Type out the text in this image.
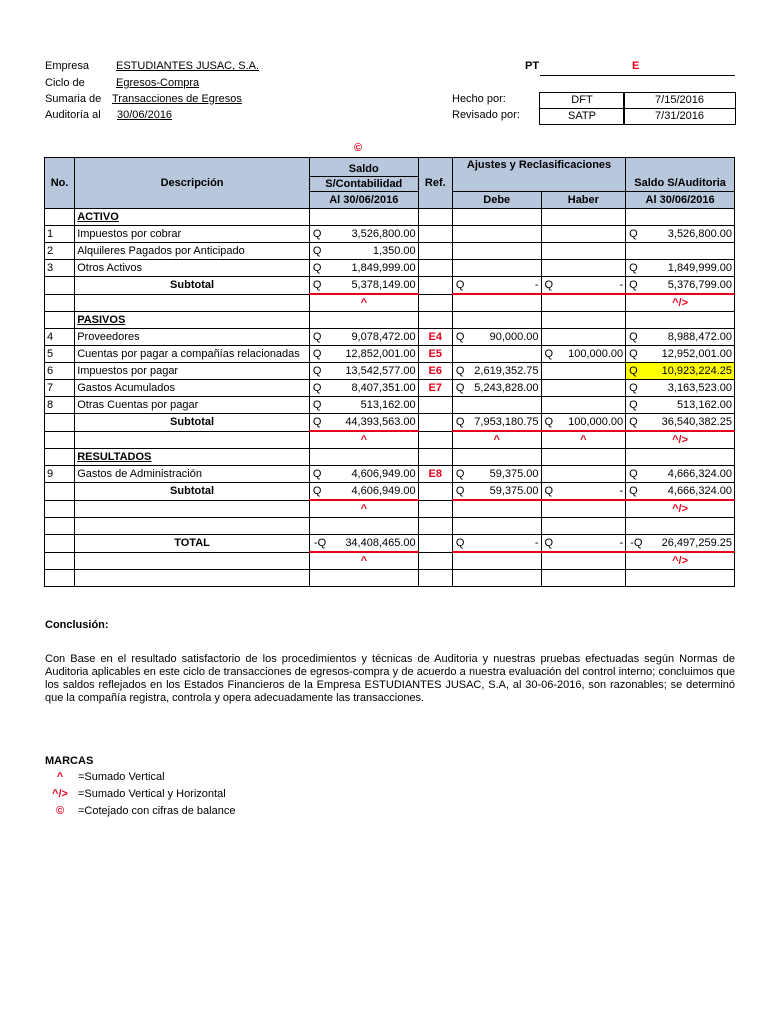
Empresa ESTUDIANTES JUSAC, S.A.
Ciclo de	Egresos-Compra
Sumaria de Transacciones de Egresos
Auditoría al 30/06/2016
PT	E
Hecho por:
Revisado por:
DFT	7/15/2016
SATP	7/31/2016
©
No.	Descripción	Saldo	Ref.	Ajustes y Reclasificaciones		Saldo S/Auditoria
		S/Contabilidad				
		Al 30/06/2016		Debe	Haber	Al 30/06/2016
	ACTIVO					
1	Impuestos por cobrar	Q 3,526,800.00				Q 3,526,800.00

2	Alquileres Pagados por Anticipado	Q 1,350.00				

3	Otros Activos	Q 1,849,999.00				Q 1,849,999.00

	Subtotal	Q 5,378,149.00		Q -	Q -	Q 5,376,799.00

		^				^/>
	PASIVOS					
4	Proveedores	Q 9,078,472.00	E4	Q 90,000.00		Q 8,988,472.00

5	Cuentas por pagar a compañías relacionadas	Q 12,852,001.00	E5		Q 100,000.00	Q 12,952,001.00

6	Impuestos por pagar	Q 13,542,577.00	E6	Q 2,619,352.75		Q 10,923,224.25

7	Gastos Acumulados	Q 8,407,351.00	E7	Q 5,243,828.00		Q 3,163,523.00

8	Otras Cuentas por pagar	Q 513,162.00				Q 513,162.00

	Subtotal	Q 44,393,563.00		Q 7,953,180.75	Q 100,000.00	Q 36,540,382.25

		^		^	^	^/>
	RESULTADOS					
9	Gastos de Administración	Q 4,606,949.00	E8	Q 59,375.00		Q 4,666,324.00

	Subtotal	Q 4,606,949.00		Q 59,375.00	Q -	Q 4,666,324.00

		^				^/>

	TOTAL	- Q 34,408,465.00		Q -	Q -	- Q 26,497,259.25

		^				^/>

Conclusión:
Con Base en el resultado satisfactorio de los procedimientos y técnicas de Auditoria y nuestras pruebas efectuadas según Normas de Auditoria aplicables en este ciclo de transacciones de egresos-compra y de acuerdo a nuestra evaluación del control interno; concluimos que los saldos reflejados en los Estados Financieros de la Empresa ESTUDIANTES JUSAC, S.A, al 30-06-2016, son razonables; se determinó que la compañía registra, controla y opera adecuadamente las transacciones.
MARCAS
^	=Sumado Vertical
^/> =Sumado Vertical y Horizontal
©	=Cotejado con cifras de balance
